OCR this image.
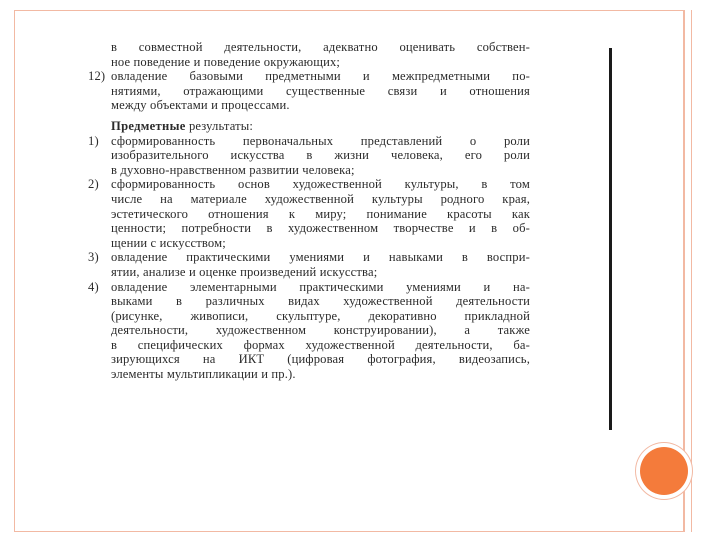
в совместной деятельности, адекватно оценивать собствен-
ное поведение и поведение окружающих;
12) овладение базовыми предметными и межпредметными по-
нятиями, отражающими существенные связи и отношения
между объектами и процессами.
Предметные результаты:
1) сформированность первоначальных представлений о роли
изобразительного искусства в жизни человека, его роли
в духовно-нравственном развитии человека;
2) сформированность основ художественной культуры, в том
числе на материале художественной культуры родного края,
эстетического отношения к миру; понимание красоты как
ценности; потребности в художественном творчестве и в об-
щении с искусством;
3) овладение практическими умениями и навыками в воспри-
ятии, анализе и оценке произведений искусства;
4) овладение элементарными практическими умениями и на-
выками в различных видах художественной деятельности
(рисунке, живописи, скульптуре, декоративно прикладной
деятельности, художественном конструировании), а также
в специфических формах художественной деятельности, ба-
зирующихся на ИКТ (цифровая фотография, видеозапись,
элементы мультипликации и пр.).
